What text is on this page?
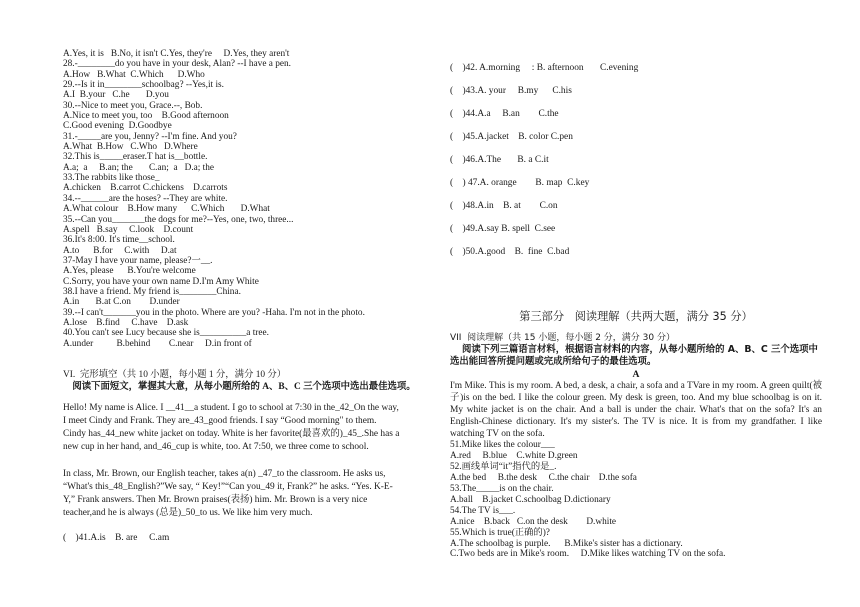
A.Yes, it is   B.No, it isn't C.Yes, they're     D.Yes, they aren't
28.-________do you have in your desk, Alan? --I have a pen.
A.How   B.What  C.Which      D.Who
29.--Is it in________schoolbag? --Yes,it is.
A.I  B.your   C.he       D.you
30.--Nice to meet you, Grace.--, Bob.
A.Nice to meet you, too    B.Good afternoon
C.Good evening  D.Goodbye
31.-_____are you, Jenny? --I'm fine. And you?
A.What  B.How   C.Who   D.Where
32.This is_____eraser.T hat is__bottle.
A.a;  a     B.an; the       C.an;  a   D.a; the
33.The rabbits like those_
A.chicken    B.carrot C.chickens    D.carrots
34.--______are the hoses? --They are white.
A.What colour    B.How many      C.Which       D.What
35.--Can you_______the dogs for me?--Yes, one, two, three...
A.spell   B.say     C.look    D.count
36.It's 8:00. It's time__school.
A.to      B.for     C.with     D.at
37-May I have your name, please?一__.
A.Yes, please      B.You're welcome
C.Sorry, you have your own name D.I'm Amy White
38.I have a friend. My friend is________China.
A.in       B.at C.on        D.under
39.--I can't_______you in the photo. Where are you? -Haha. I'm not in the photo.
A.lose    B.find     C.have    D.ask
40.You can't see Lucy because she is__________a tree.
A.under          B.behind        C.near     D.in front of
VI.  完形填空（共 10 小题，每小题 1 分，满分 10 分）
阅读下面短文，掌握其大意，从每小题所给的 A、B、C 三个选项中选出最佳选项。
Hello! My name is Alice. I __41__a student. I go to school at 7:30 in the_42_On the way, I meet Cindy and Frank. They are_43_good friends. I say “Good morning" to them. Cindy has_44_new white jacket on today. White is her favorite(最喜欢的)_45_.She has a new cup in her hand, and_46_cup is white, too. At 7:50, we three come to school.
In class, Mr. Brown, our English teacher, takes a(n) _47_to the classroom. He asks us, “What's this_48_English?”We say, “ Key!”“Can you_49 it, Frank?” he asks. “Yes. K-E-Y,” Frank answers. Then Mr. Brown praises(表扬) him. Mr. Brown is a very nice teacher,and he is always (总是)_50_to us. We like him very much.
(    )41.A.is    B. are     C.am
(    )42. A.morning     : B. afternoon       C.evening
(    )43.A. your     B.my      C.his
(    )44.A.a     B.an        C.the
(    )45.A.jacket    B. color C.pen
(    )46.A.The       B. a C.it
(    ) 47.A. orange        B. map  C.key
(    )48.A.in    B. at        C.on
(    )49.A.say B. spell  C.see
(    )50.A.good    B.  fine  C.bad
第三部分   阅读理解（共两大题，满分 35 分）
VII  阅读理解（共 15 小题，每小题 2 分，满分 30 分）
阅读下列三篇语言材料，根据语言材料的内容，从每小题所给的 A、B、C 三个选项中选出能回答所提问题或完成所给句子的最佳选项。
A
I'm Mike. This is my room. A bed, a desk, a chair, a sofa and a TVare in my room. A green quilt(被子)is on the bed. I like the colour green. My desk is green, too. And my blue schoolbag is on it. My white jacket is on the chair. And a ball is under the chair. What's that on the sofa? It's an English-Chinese dictionary. It's my sister's. The TV is nice. It is from my grandfather. I like watching TV on the sofa.
51.Mike likes the colour___
A.red     B.blue    C.white D.green
52.画线单词“it”指代的是_.
A.the bed     B.the desk     C.the chair    D.the sofa
53.The_____is on the chair.
A.ball    B.jacket C.schoolbag D.dictionary
54.The TV is___.
A.nice    B.back   C.on the desk        D.white
55.Which is true(正确的)?
A.The schoolbag is purple.      B.Mike's sister has a dictionary.
C.Two beds are in Mike's room.     D.Mike likes watching TV on the sofa.
